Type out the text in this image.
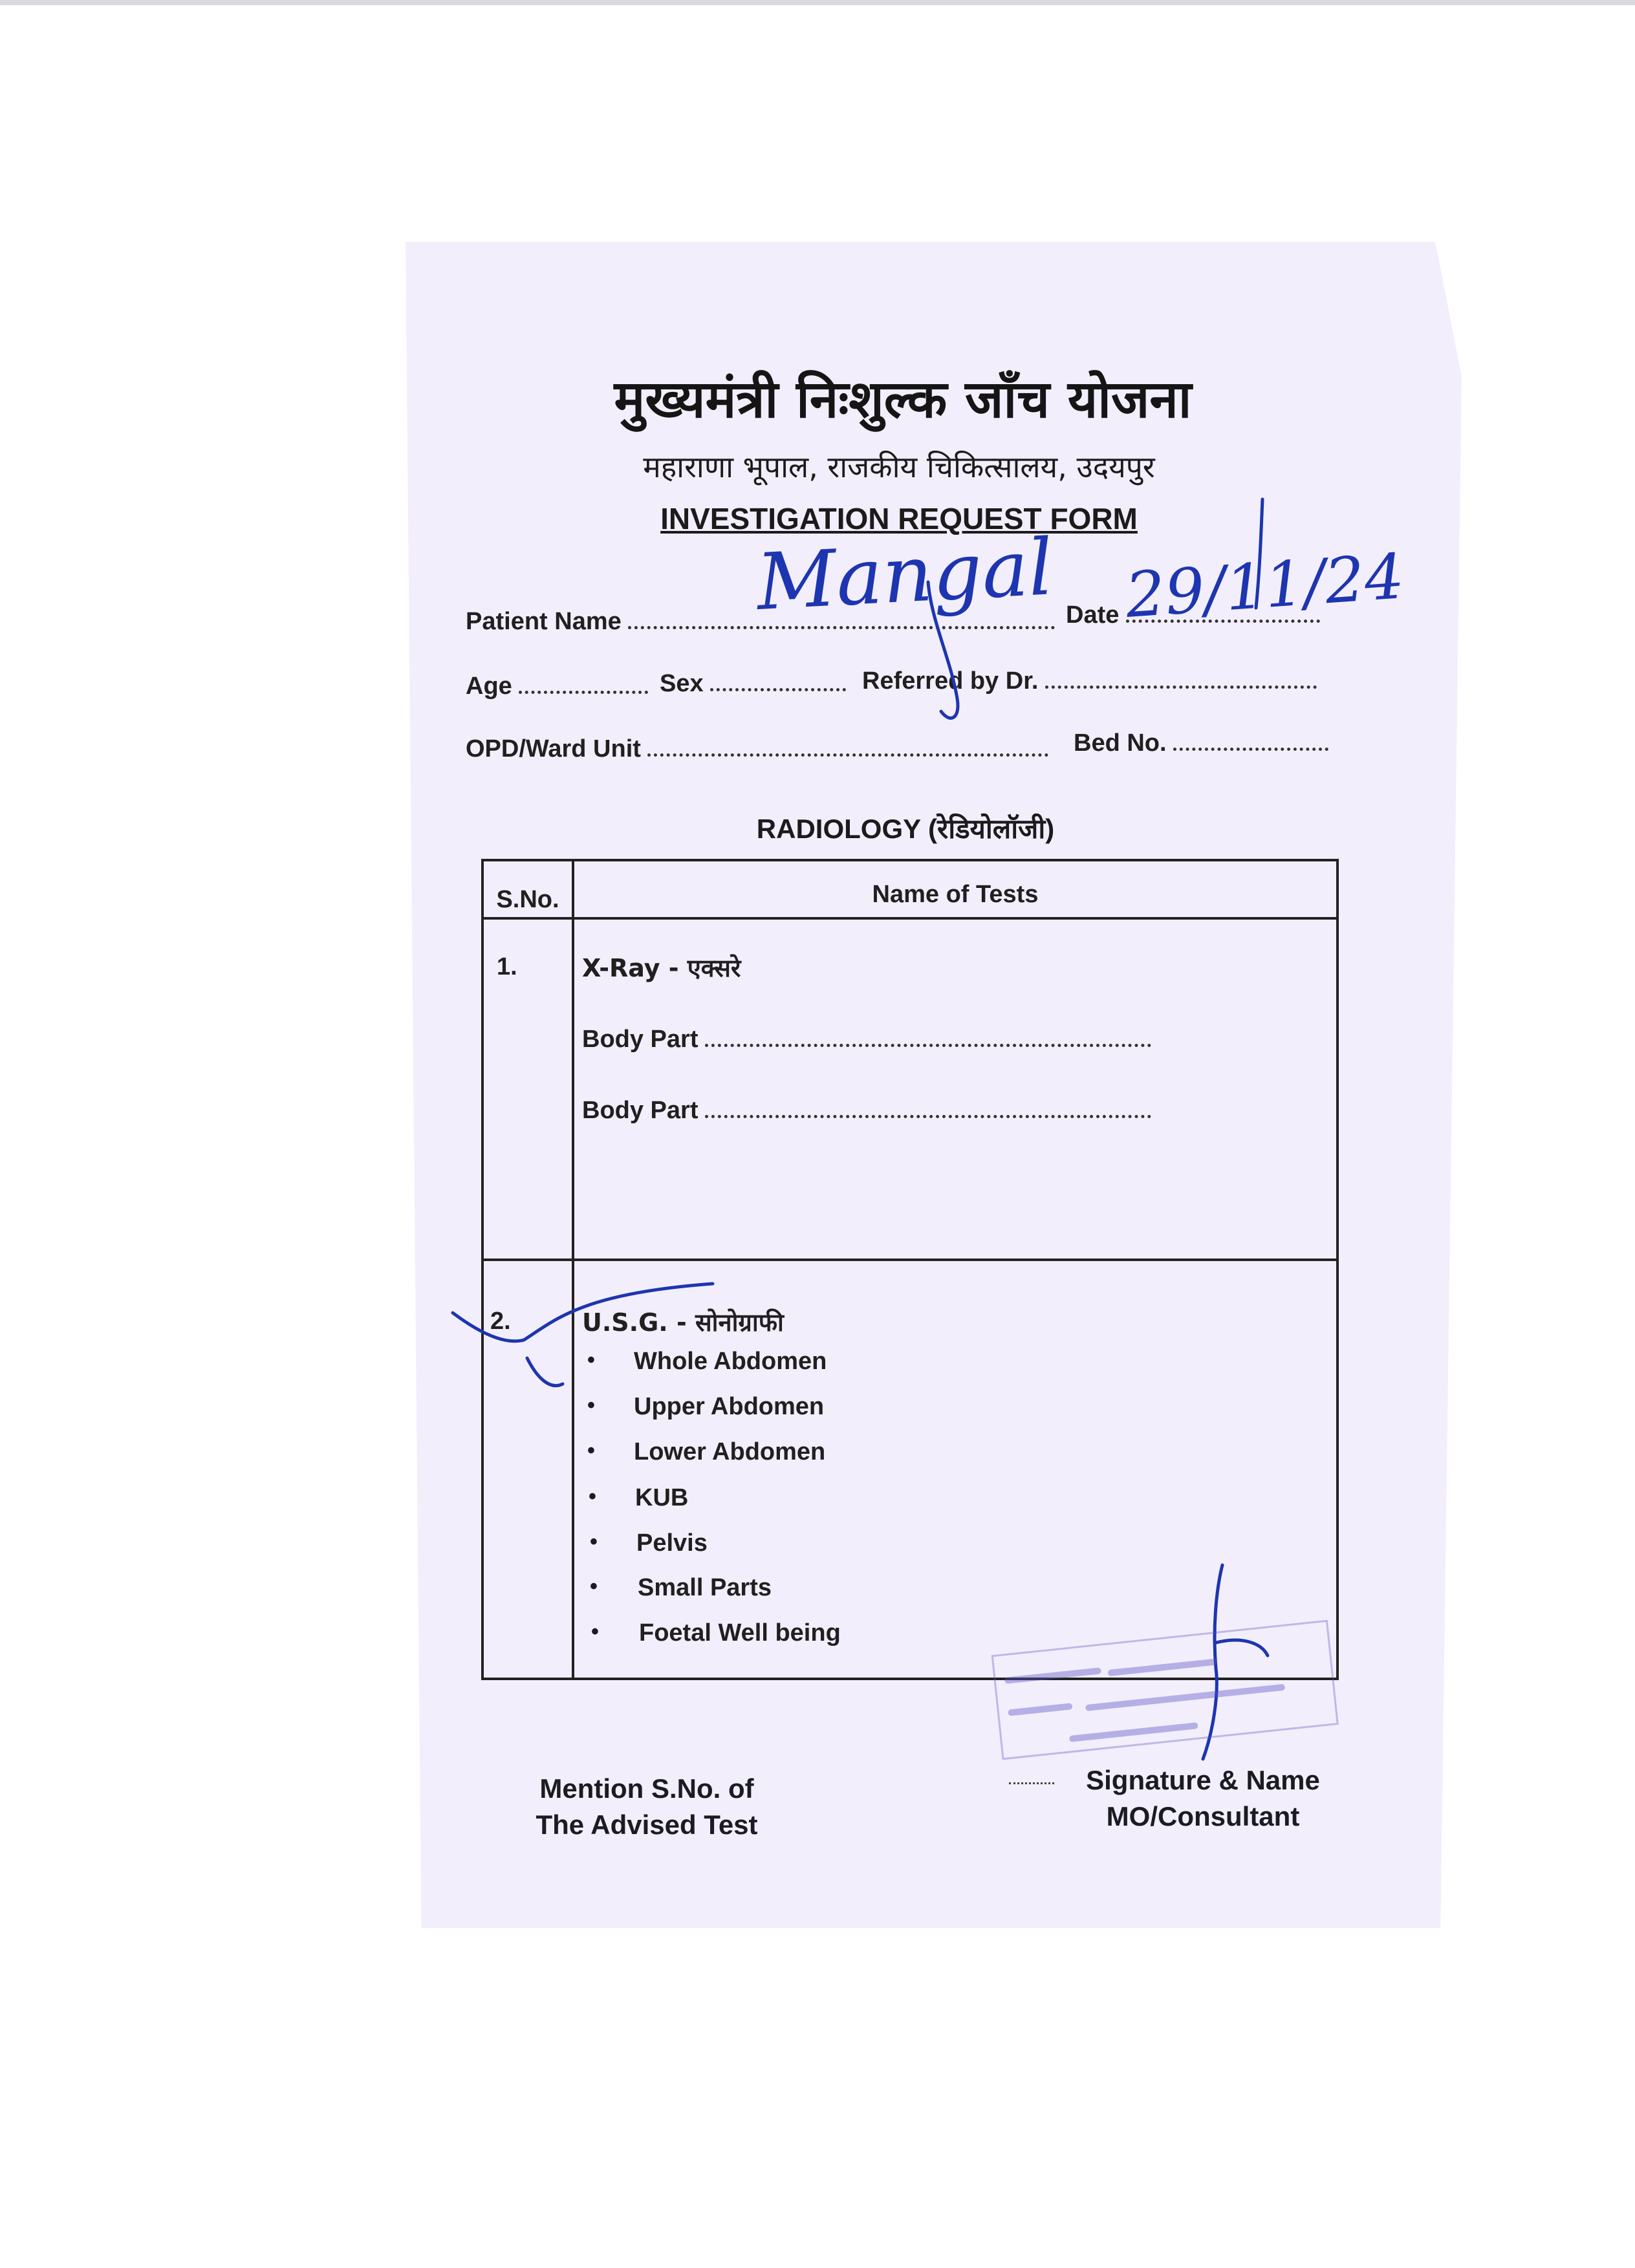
मुख्यमंत्री निःशुल्क जाँच योजना
महाराणा भूपाल, राजकीय चिकित्सालय, उदयपुर
INVESTIGATION REQUEST FORM
Patient Name	Date
Age	Sex	Referred by Dr.
OPD/Ward Unit	Bed No.
RADIOLOGY (रेडियोलॉजी)
S.No.	Name of Tests
1.	X-Ray - एक्सरे
Body Part
Body Part
2.	U.S.G. - सोनोग्राफी
• Whole Abdomen
• Upper Abdomen
• Lower Abdomen
• KUB
• Pelvis
• Small Parts
• Foetal Well being
Mention S.No. of
The Advised Test
Signature & Name
MO/Consultant
Mangal 29/11/24
